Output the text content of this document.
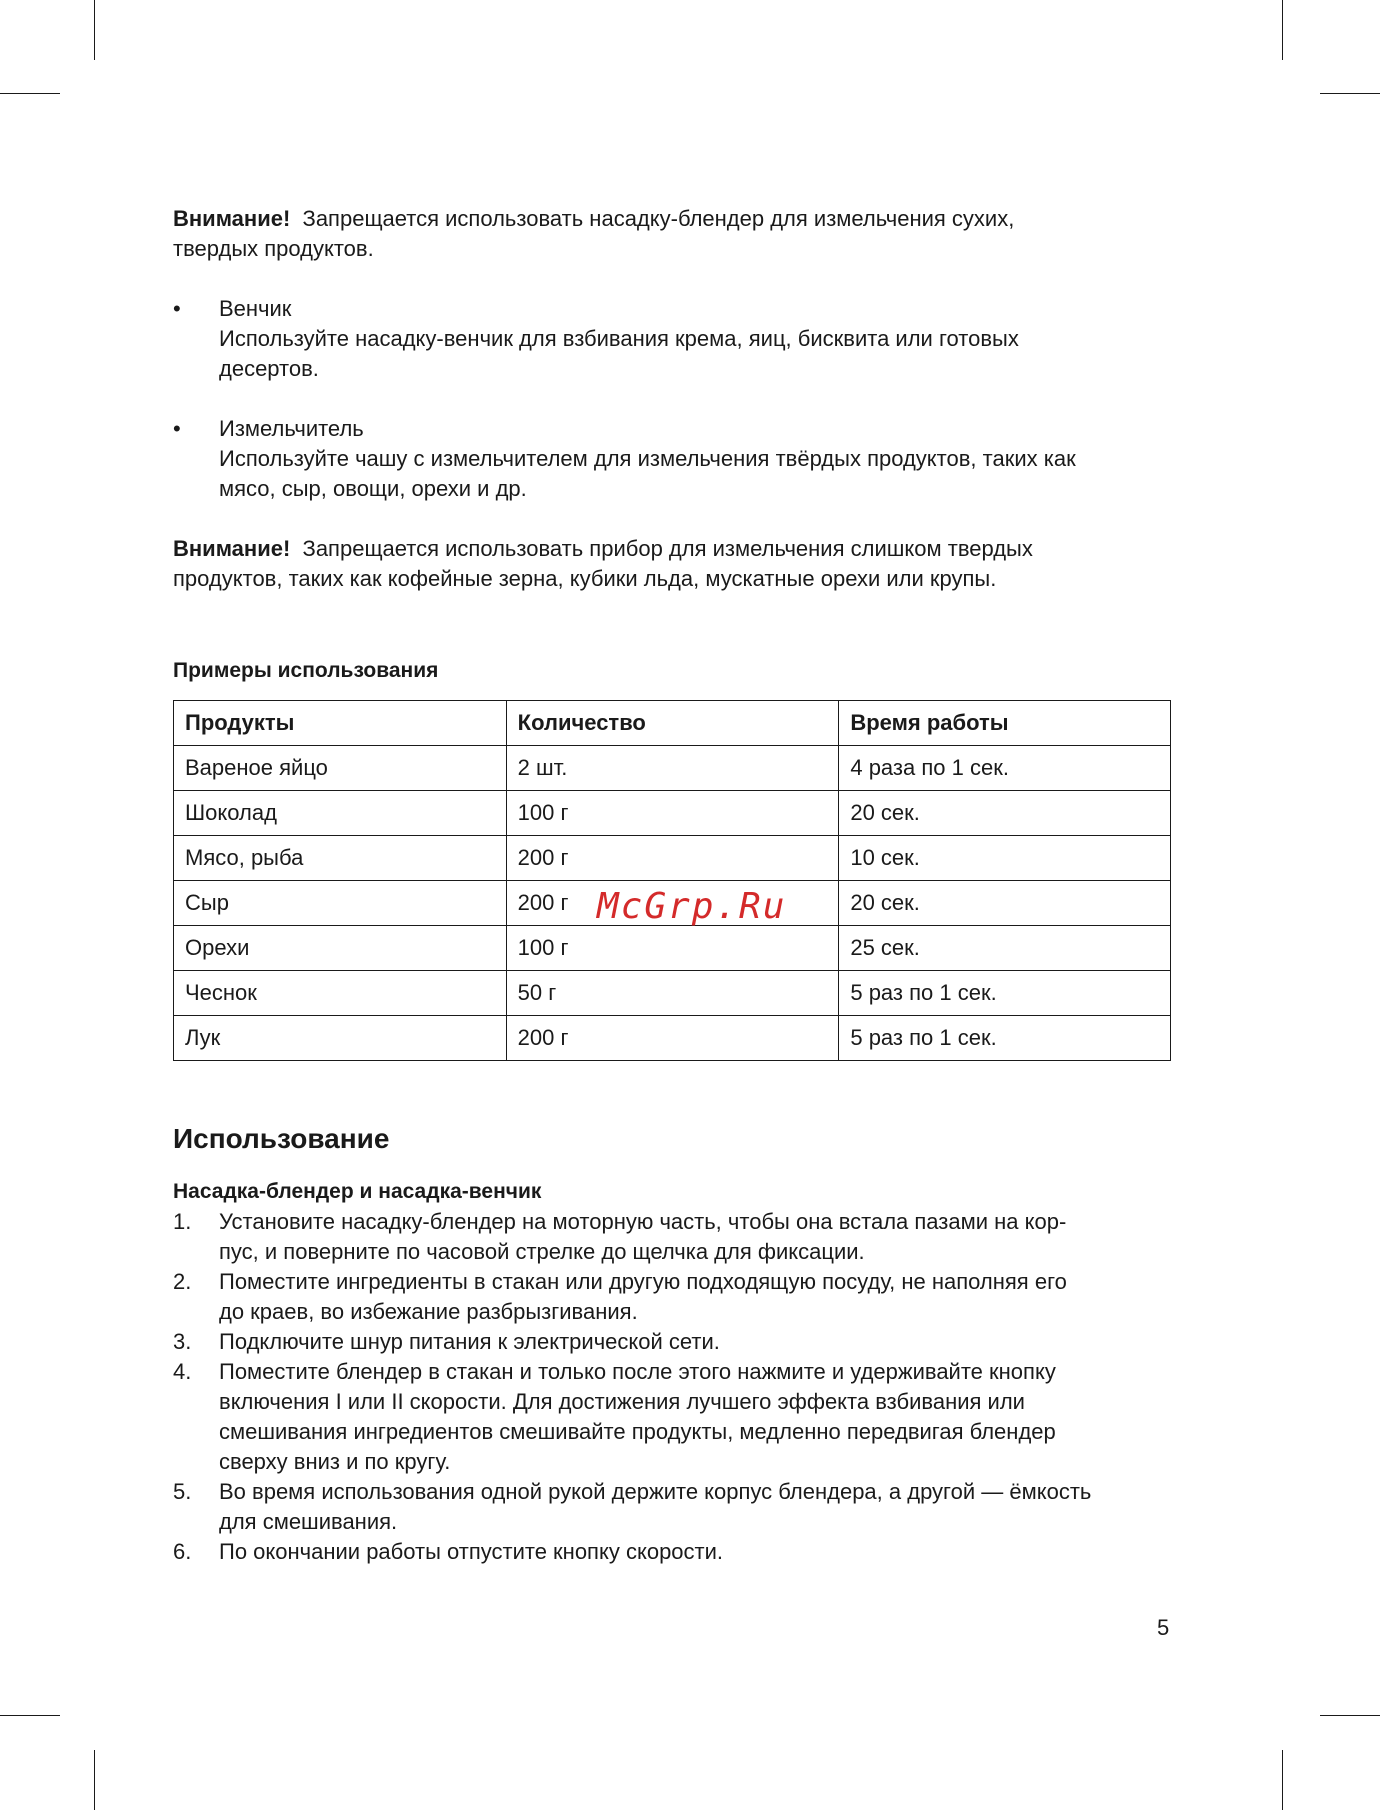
Внимание! Запрещается использовать насадку-блендер для измельчения сухих,

твердых продуктов.

• Венчик

Используйте насадку-венчик для взбивания крема, яиц, бисквита или готовых

десертов.

• Измельчитель

Используйте чашу с измельчителем для измельчения твёрдых продуктов, таких как

мясо, сыр, овощи, орехи и др.

Внимание! Запрещается использовать прибор для измельчения слишком твердых

продуктов, таких как кофейные зерна, кубики льда, мускатные орехи или крупы.

Примеры использования

Продукты	Количество	Время работы
Вареное яйцо	2 шт.	4 раза по 1 сек.
Шоколад	100 г	20 сек.
Мясо, рыба	200 г	10 сек.
Сыр	200 г	20 сек.
Орехи	100 г	25 сек.
Чеснок	50 г	5 раз по 1 сек.
Лук	200 г	5 раз по 1 сек.

Использование

Насадка-блендер и насадка-венчик

1. Установите насадку-блендер на моторную часть, чтобы она встала пазами на кор-
пус, и поверните по часовой стрелке до щелчка для фиксации.
2. Поместите ингредиенты в стакан или другую подходящую посуду, не наполняя его
до краев, во избежание разбрызгивания.
3. Подключите шнур питания к электрической сети.
4. Поместите блендер в стакан и только после этого нажмите и удерживайте кнопку
включения I или II скорости. Для достижения лучшего эффекта взбивания или
смешивания ингредиентов смешивайте продукты, медленно передвигая блендер
сверху вниз и по кругу.
5. Во время использования одной рукой держите корпус блендера, а другой — ёмкость
для смешивания.
6. По окончании работы отпустите кнопку скорости.
McGrp.Ru
5
